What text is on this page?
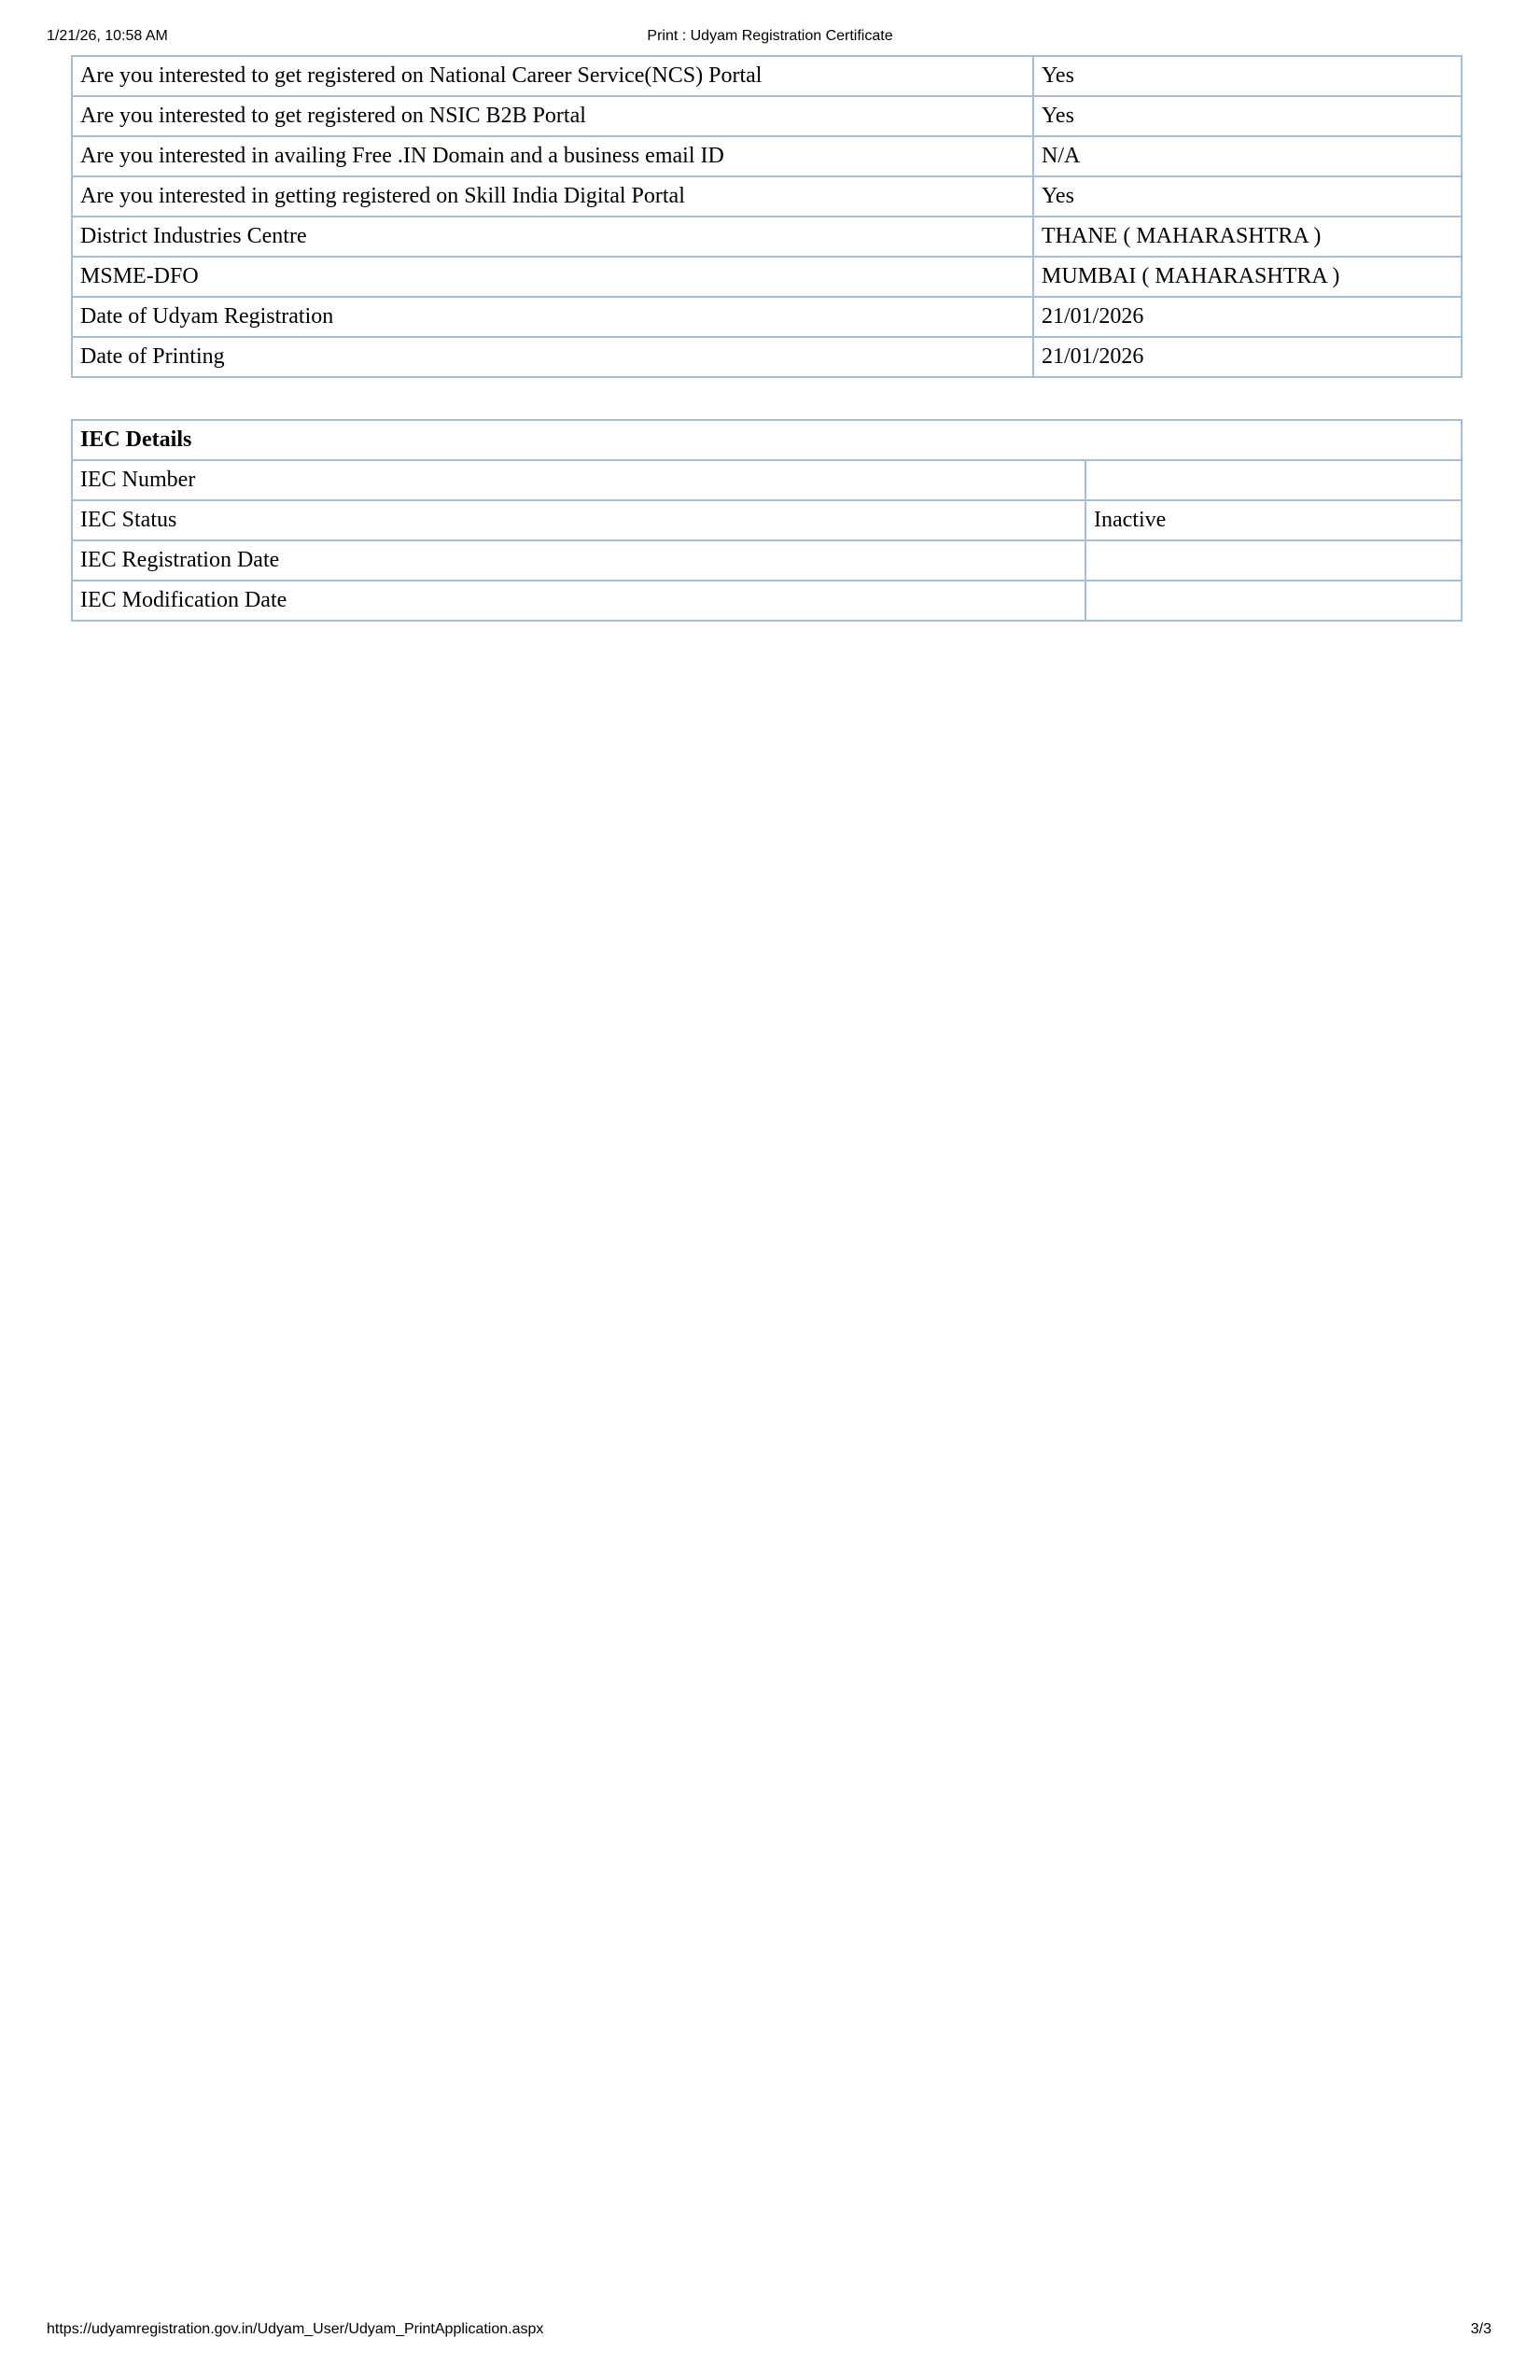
1/21/26, 10:58 AM	Print : Udyam Registration Certificate
Are you interested to get registered on National Career Service(NCS) Portal	Yes
Are you interested to get registered on NSIC B2B Portal	Yes
Are you interested in availing Free .IN Domain and a business email ID	N/A
Are you interested in getting registered on Skill India Digital Portal	Yes
District Industries Centre	THANE ( MAHARASHTRA )
MSME-DFO	MUMBAI ( MAHARASHTRA )
Date of Udyam Registration	21/01/2026
Date of Printing	21/01/2026
IEC Details	
IEC Number	
IEC Status	Inactive
IEC Registration Date	
IEC Modification Date	
https://udyamregistration.gov.in/Udyam_User/Udyam_PrintApplication.aspx	3/3
